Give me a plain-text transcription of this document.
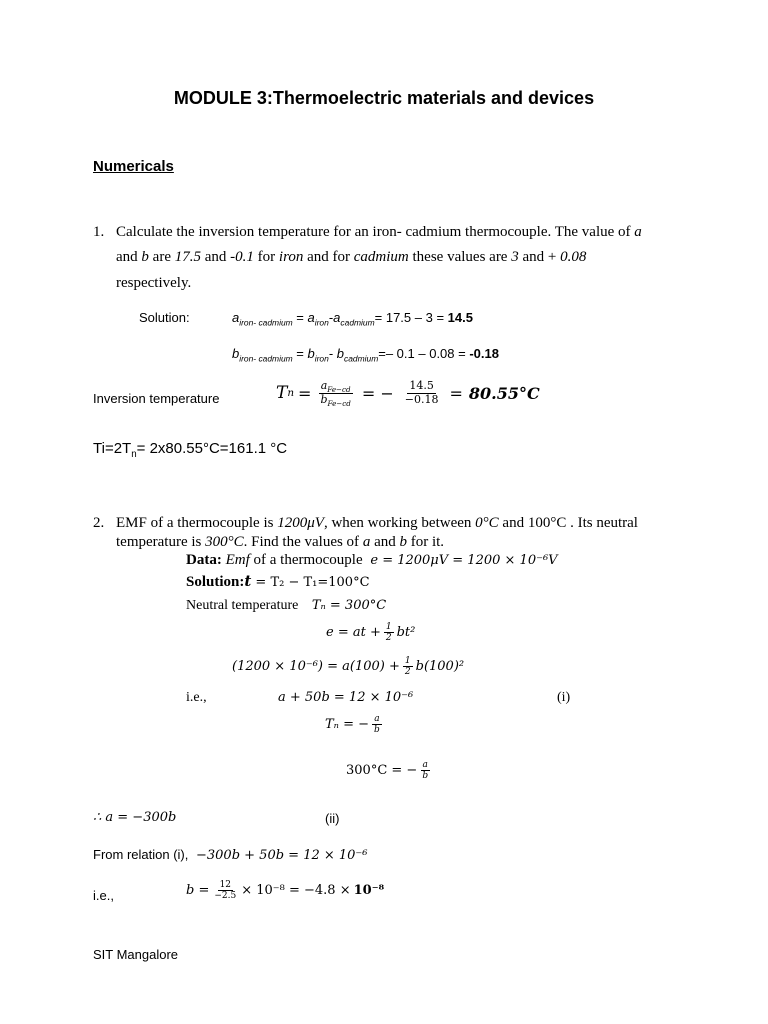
MODULE 3:Thermoelectric materials and devices
Numericals
1. Calculate the inversion temperature for an iron- cadmium thermocouple. The value of a
and b are 17.5 and -0.1 for iron and for cadmium these values are 3 and + 0.08
respectively.
Solution:	$a_{iron- cadmium} = a_{iron}-a_{cadmium}= 17.5 - 3 = 14.5$
$b_{iron- cadmium} = b_{iron}-$ $b_{cadmium}=-$ 0.1 – 0.08 = -0.18
Inversion temperature	T $n = \frac{a_{Fe-cd}}{b_{Fe-cd}}$ = − $\frac{14.5}{-0.18} = 80.55^\circ C$
$Ti=2T_n= 2x80.55^\circ C=161.1$ °C
2. EMF of a thermocouple is 1200μV, when working between 0°C and 100°C . Its neutral
temperature is 300°C. Find the values of a and b for it.
Data: Emf of a thermocouple e = 1200μV = 1200 × 10⁻⁶V
Solution:t = T₂ − T₁=100°C
Neutral temperature Tₙ = 300°C
e = at + $\frac{1}{2} bt^2$
$(1200 \times 10^{-6}) = a(100) + \frac{1}{2} b(100)^2$
i.e.,	a + 50b = 12 × 10⁻⁶	(i)
Tₙ = − $\frac{a}{b}$
300°C = − $\frac{a}{b}$
∴ a = −300b	(ii)
From relation (i), −300b + 50b = 12 × 10⁻⁶
i.e.,	$b = \frac{12}{-2.5} \times 10^{-8} = -4.8 \times 10^{-8}$
SIT Mangalore
